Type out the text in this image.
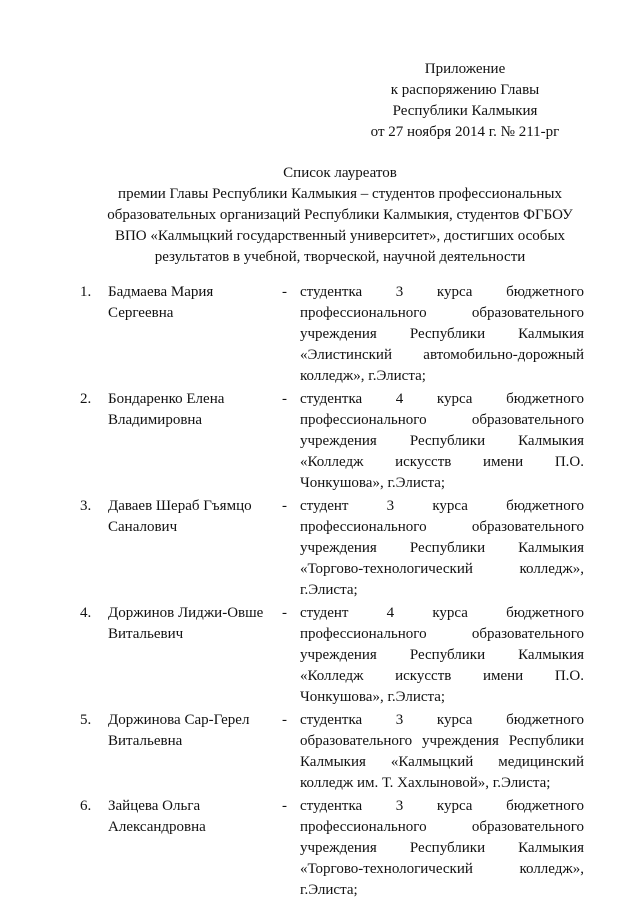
Приложение
к распоряжению Главы
Республики Калмыкия
от 27 ноября 2014 г. № 211-рг
Список лауреатов
премии Главы Республики Калмыкия – студентов профессиональных
образовательных организаций Республики Калмыкия, студентов ФГБОУ
ВПО «Калмыцкий государственный университет», достигших особых
результатов в учебной, творческой, научной деятельности
1. Бадмаева Мария
Сергеевна
- студентка 3 курса бюджетного
профессионального	образовательного
учреждения Республики Калмыкия
«Элистинский автомобильно-дорожный
колледж», г.Элиста;
2. Бондаренко Елена
Владимировна
- студентка 4 курса бюджетного
профессионального	образовательного
учреждения Республики Калмыкия
«Колледж искусств имени П.О.
Чонкушова», г.Элиста;
3. Даваев Шераб Гъямцо
Саналович
- студент	3	курса	бюджетного
профессионального	образовательного
учреждения Республики Калмыкия
«Торгово-технологический	колледж»,
г.Элиста;
4. Доржинов Лиджи-Овше
Витальевич
- студент	4	курса	бюджетного
профессионального	образовательного
учреждения Республики Калмыкия
«Колледж искусств имени П.О.
Чонкушова», г.Элиста;
5. Доржинова Сар-Герел
Витальевна
- студентка 3 курса бюджетного
образовательного учреждения Республики
Калмыкия «Калмыцкий медицинский
колледж им. Т. Хахлыновой», г.Элиста;
6. Зайцева Ольга
Александровна
- студентка 3 курса бюджетного
профессионального	образовательного
учреждения Республики Калмыкия
«Торгово-технологический	колледж»,
г.Элиста;
